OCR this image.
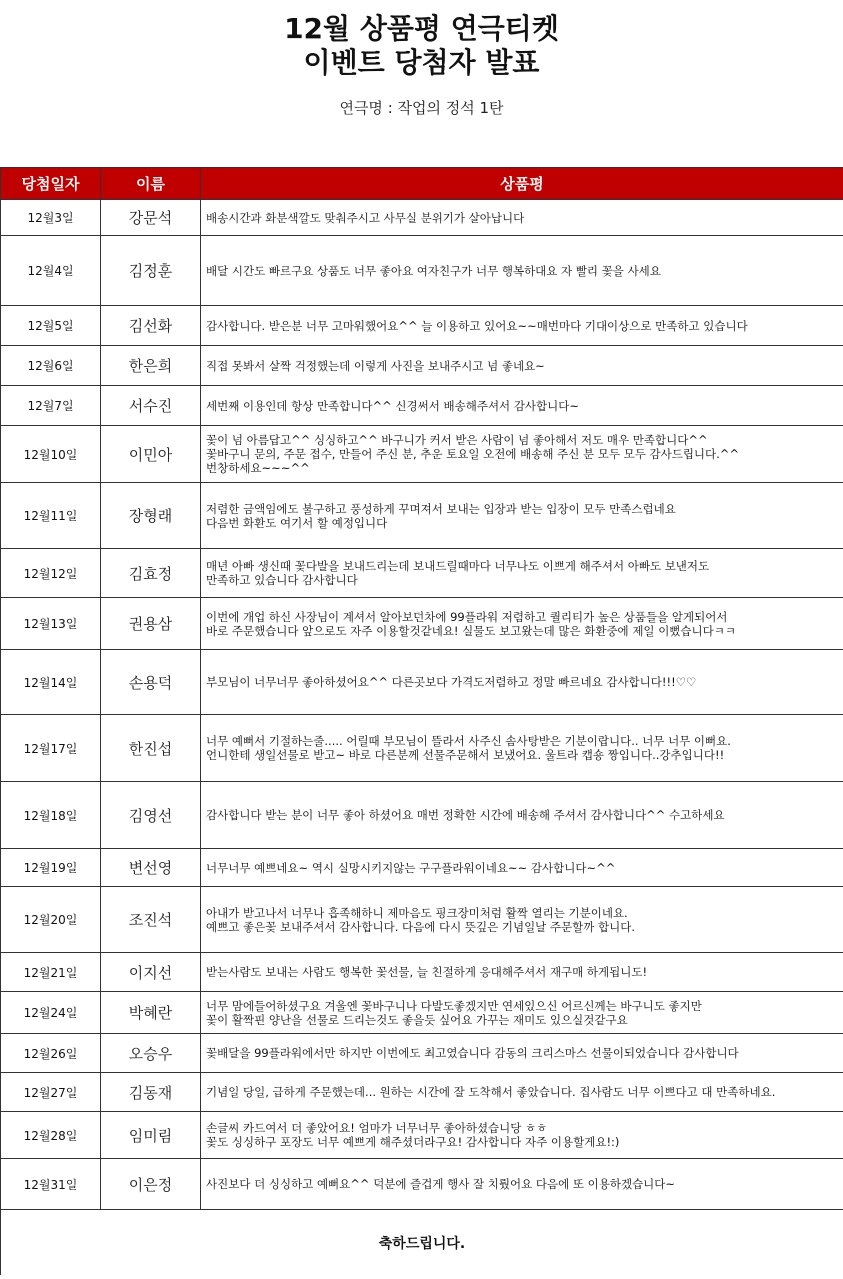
12월 상품평 연극티켓
이벤트 당첨자 발표
연극명 : 작업의 정석 1탄
당첨일자	이름	상품평
12월3일	강문석	배송시간과 화분색깔도 맞춰주시고 사무실 분위기가 살아납니다
12월4일	김정훈	배달 시간도 빠르구요 상품도 너무 좋아요 여자친구가 너무 행복하대요 자 빨리 꽃을 사세요
12월5일	김선화	감사합니다. 받은분 너무 고마워했어요^^ 늘 이용하고 있어요~~매번마다 기대이상으로 만족하고 있습니다
12월6일	한은희	직접 못봐서 살짝 걱정했는데 이렇게 사진을 보내주시고 넘 좋네요~
12월7일	서수진	세번째 이용인데 항상 만족합니다^^ 신경써서 배송해주셔서 감사합니다~
12월10일	이민아	꽃이 넘 아름답고^^ 싱싱하고^^ 바구니가 커서 받은 사람이 넘 좋아해서 저도 매우 만족합니다^^
꽃바구니 문의, 주문 접수, 만들어 주신 분, 추운 토요일 오전에 배송해 주신 분 모두 모두 감사드립니다.^^
번창하세요~~~^^
12월11일	장형래	저렴한 금액임에도 불구하고 풍성하게 꾸며져서 보내는 입장과 받는 입장이 모두 만족스럽네요
다음번 화환도 여기서 할 예정입니다
12월12일	김효정	매년 아빠 생신때 꽃다발을 보내드리는데 보내드릴때마다 너무나도 이쁘게 해주셔서 아빠도 보낸저도
만족하고 있습니다 감사합니다
12월13일	권용삼	이번에 개업 하신 사장님이 계셔서 알아보던차에 99플라워 저렴하고 퀄리티가 높은 상품들을 알게되어서
바로 주문했습니다 앞으로도 자주 이용할것같네요! 실물도 보고왔는데 많은 화환중에 제일 이뻤습니다ㅋㅋ
12월14일	손용덕	부모님이 너무너무 좋아하셨어요^^ 다른곳보다 가격도저렴하고 정말 빠르네요 감사합니다!!!♡♡
12월17일	한진섭	너무 예뻐서 기절하는줄..... 어릴때 부모님이 뜰라서 사주신 솜사탕받은 기분이랍니다.. 너무 너무 이뻐요.
언니한테 생일선물로 받고~ 바로 다른분께 선물주문해서 보냈어요. 울트라 캡숑 짱입니다..강추입니다!!
12월18일	김영선	감사합니다 받는 분이 너무 좋아 하셨어요 매번 정확한 시간에 배송해 주셔서 감사합니다^^ 수고하세요
12월19일	변선영	너무너무 예쁘네요~ 역시 실망시키지않는 구구플라워이네요~~ 감사합니다~^^
12월20일	조진석	아내가 받고나서 너무나 흡족해하니 제마음도 핑크장미처럼 활짝 열리는 기분이네요.
예쁘고 좋은꽃 보내주셔서 감사합니다. 다음에 다시 뜻깊은 기념일날 주문할까 합니다.
12월21일	이지선	받는사람도 보내는 사람도 행복한 꽃선물, 늘 친절하게 응대해주셔서 재구매 하게됩니도!
12월24일	박혜란	너무 맘에들어하셨구요 겨울엔 꽃바구니나 다발도좋겠지만 연세있으신 어르신께는 바구니도 좋지만
꽃이 활짝핀 양난을 선물로 드리는것도 좋을듯 싶어요 가꾸는 재미도 있으실것같구요
12월26일	오승우	꽃배달을 99플라워에서만 하지만 이번에도 최고였습니다 감동의 크리스마스 선물이되었습니다 감사합니다
12월27일	김동재	기념일 당일, 급하게 주문했는데... 원하는 시간에 잘 도착해서 좋았습니다. 집사람도 너무 이쁘다고 대 만족하네요.
12월28일	임미림	손글씨 카드여서 더 좋았어요! 엄마가 너무너무 좋아하셨습니당 ㅎㅎ
꽃도 싱싱하구 포장도 너무 예쁘게 해주셨더라구요! 감사합니다 자주 이용할게요!:)
12월31일	이은정	사진보다 더 싱싱하고 예뻐요^^ 덕분에 즐겁게 행사 잘 치뤘어요 다음에 또 이용하겠습니다~
축하드립니다.		
